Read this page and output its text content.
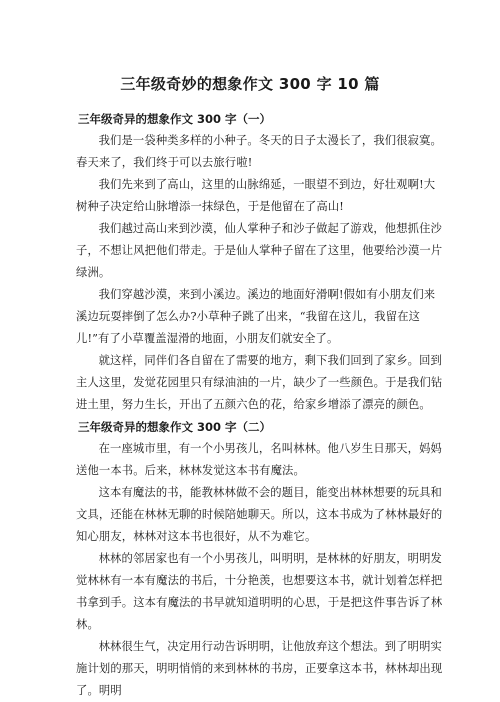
三年级奇妙的想象作文 300 字 10 篇
三年级奇异的想象作文 300 字（一）

我们是一袋种类多样的小种子。冬天的日子太漫长了，我们很寂寞。春天来了，我们终于可以去旅行啦!

我们先来到了高山，这里的山脉绵延，一眼望不到边，好壮观啊!大树种子决定给山脉增添一抹绿色，于是他留在了高山!

我们越过高山来到沙漠，仙人掌种子和沙子做起了游戏，他想抓住沙子，不想让风把他们带走。于是仙人掌种子留在了这里，他要给沙漠一片绿洲。

我们穿越沙漠，来到小溪边。溪边的地面好滑啊!假如有小朋友们来溪边玩耍摔倒了怎么办?小草种子跳了出来，“我留在这儿，我留在这儿!”有了小草覆盖湿滑的地面，小朋友们就安全了。

就这样，同伴们各自留在了需要的地方，剩下我们回到了家乡。回到主人这里，发觉花园里只有绿油油的一片，缺少了一些颜色。于是我们钻进土里，努力生长，开出了五颜六色的花，给家乡增添了漂亮的颜色。

三年级奇异的想象作文 300 字（二）

在一座城市里，有一个小男孩儿，名叫林林。他八岁生日那天，妈妈送他一本书。后来，林林发觉这本书有魔法。

这本有魔法的书，能教林林做不会的题目，能变出林林想要的玩具和文具，还能在林林无聊的时候陪她聊天。所以，这本书成为了林林最好的知心朋友，林林对这本书也很好，从不为难它。

林林的邻居家也有一个小男孩儿，叫明明，是林林的好朋友，明明发觉林林有一本有魔法的书后，十分艳羡，也想要这本书，就计划着怎样把书拿到手。这本有魔法的书早就知道明明的心思，于是把这件事告诉了林林。

林林很生气，决定用行动告诉明明，让他放弃这个想法。到了明明实施计划的那天，明明悄悄的来到林林的书房，正要拿这本书，林林却出现了。明明
